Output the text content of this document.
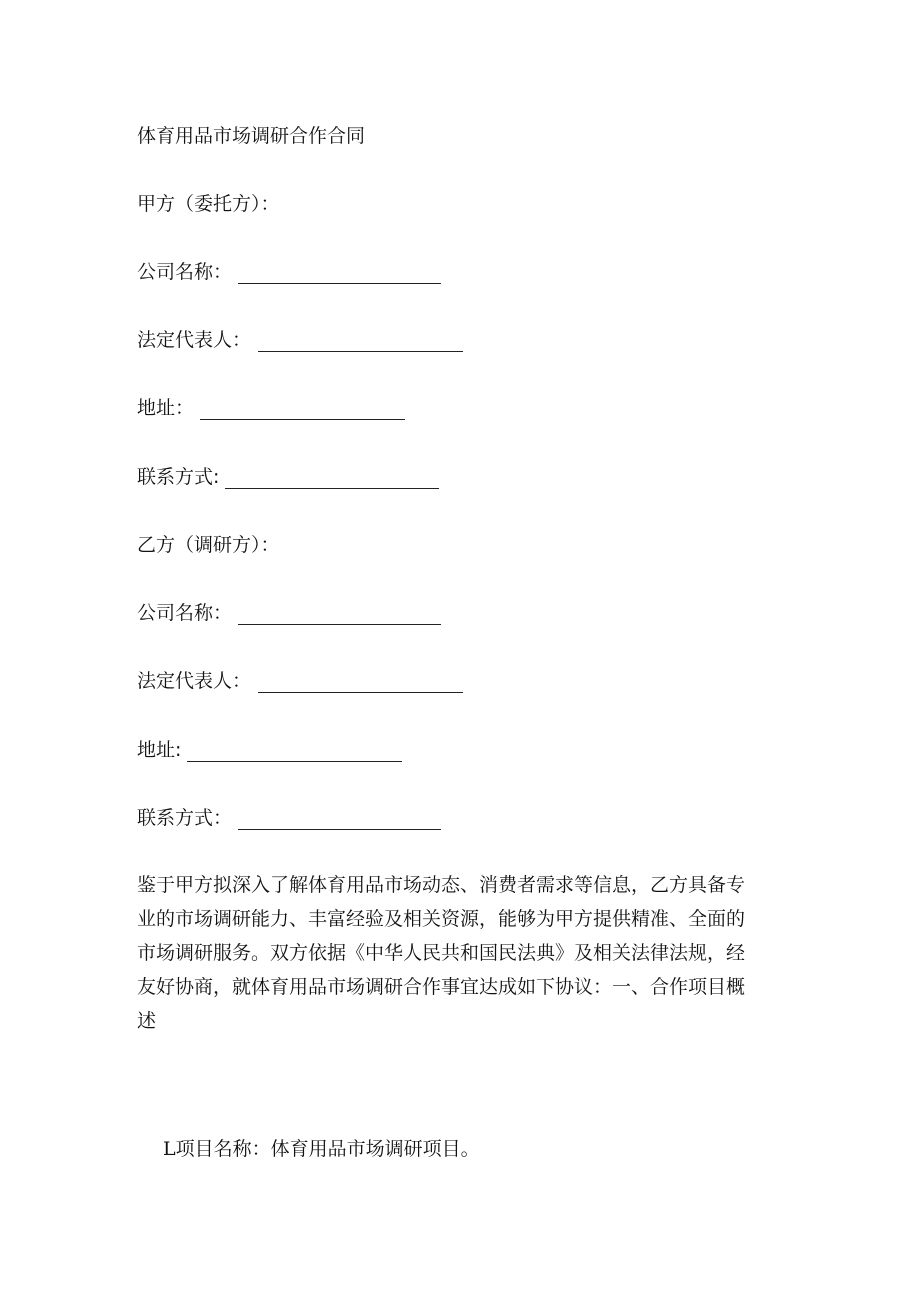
体育用品市场调研合作合同
甲方（委托方）：
公司名称：
法定代表人：
地址：
联系方式:
乙方（调研方）：
公司名称：
法定代表人：
地址:
联系方式：
鉴于甲方拟深入了解体育用品市场动态、消费者需求等信息，乙方具备专
业的市场调研能力、丰富经验及相关资源，能够为甲方提供精准、全面的
市场调研服务。双方依据《中华人民共和国民法典》及相关法律法规，经
友好协商，就体育用品市场调研合作事宜达成如下协议：一、合作项目概
述
L项目名称：体育用品市场调研项目。
